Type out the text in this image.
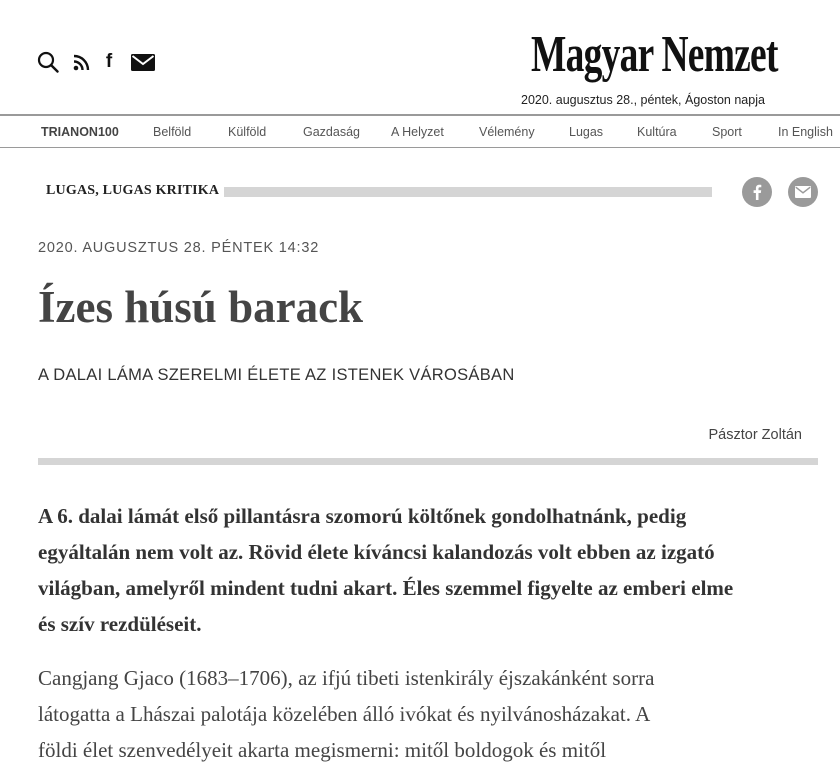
f	Magyar Nemzet
2020. augusztus 28., péntek, Ágoston napja
TRIANON100	Belföld	Külföld	Gazdaság A Helyzet	Vélemény	Lugas	Kultúra	Sport	In English
LUGAS, LUGAS KRITIKA
2020. AUGUSZTUS 28. PÉNTEK 14:32
Ízes húsú barack
A DALAI LÁMA SZERELMI ÉLETE AZ ISTENEK VÁROSÁBAN
Pásztor Zoltán

A 6. dalai lámát első pillantásra szomorú költőnek gondolhatnánk, pedig

egyáltalán nem volt az. Rövid élete kíváncsi kalandozás volt ebben az izgató

világban, amelyről mindent tudni akart. Éles szemmel figyelte az emberi elme

és szív rezdüléseit.

Cangjang Gjaco (1683–1706), az ifjú tibeti istenkirály éjszakánként sorra

látogatta a Lhászai palotája közelében álló ivókat és nyilvánosházakat. A

földi élet szenvedélyeit akarta megismerni: mitől boldogok és mitől
